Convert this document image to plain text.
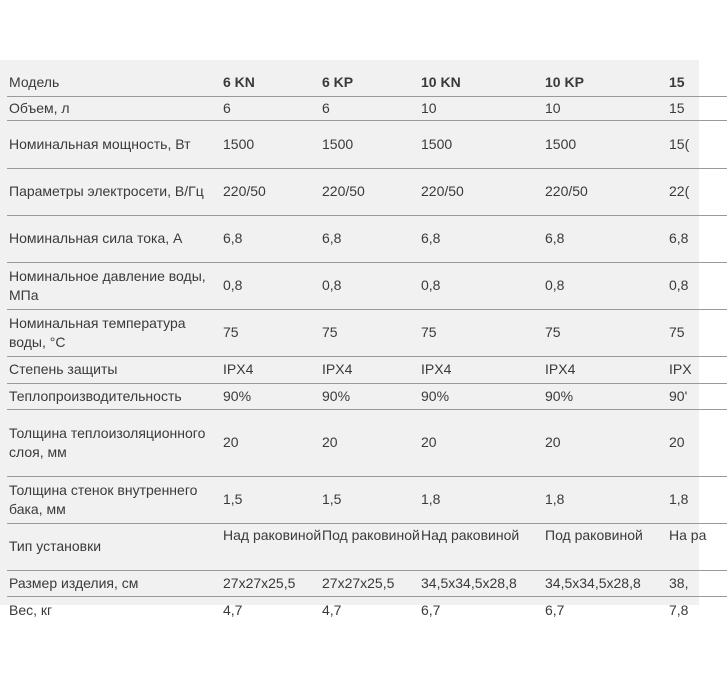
Модель	6 KN	6 KP	10 KN	10 KP	15
Объем, л	6	6	10	10	15
Номинальная мощность, Вт	1500	1500	1500	1500	15(
Параметры электросети, В/Гц	220/50	220/50	220/50	220/50	22(
Номинальная сила тока, А	6,8	6,8	6,8	6,8	6,8
Номинальное давление воды, МПа	0,8	0,8	0,8	0,8	0,8
Номинальная температура воды, °C	75	75	75	75	75
Степень защиты	IPX4	IPX4	IPX4	IPX4	IPX
Теплопроизводительность	90%	90%	90%	90%	90'
Толщина теплоизоляционного слоя, мм	20	20	20	20	20
Толщина стенок внутреннего бака, мм	1,5	1,5	1,8	1,8	1,8
Тип установки	Над раковиной	Под раковиной	Над раковиной	Под раковиной	На ра
Размер изделия, см	27x27x25,5	27x27x25,5	34,5x34,5x28,8	34,5x34,5x28,8	38,
Вес, кг	4,7	4,7	6,7	6,7	7,8
